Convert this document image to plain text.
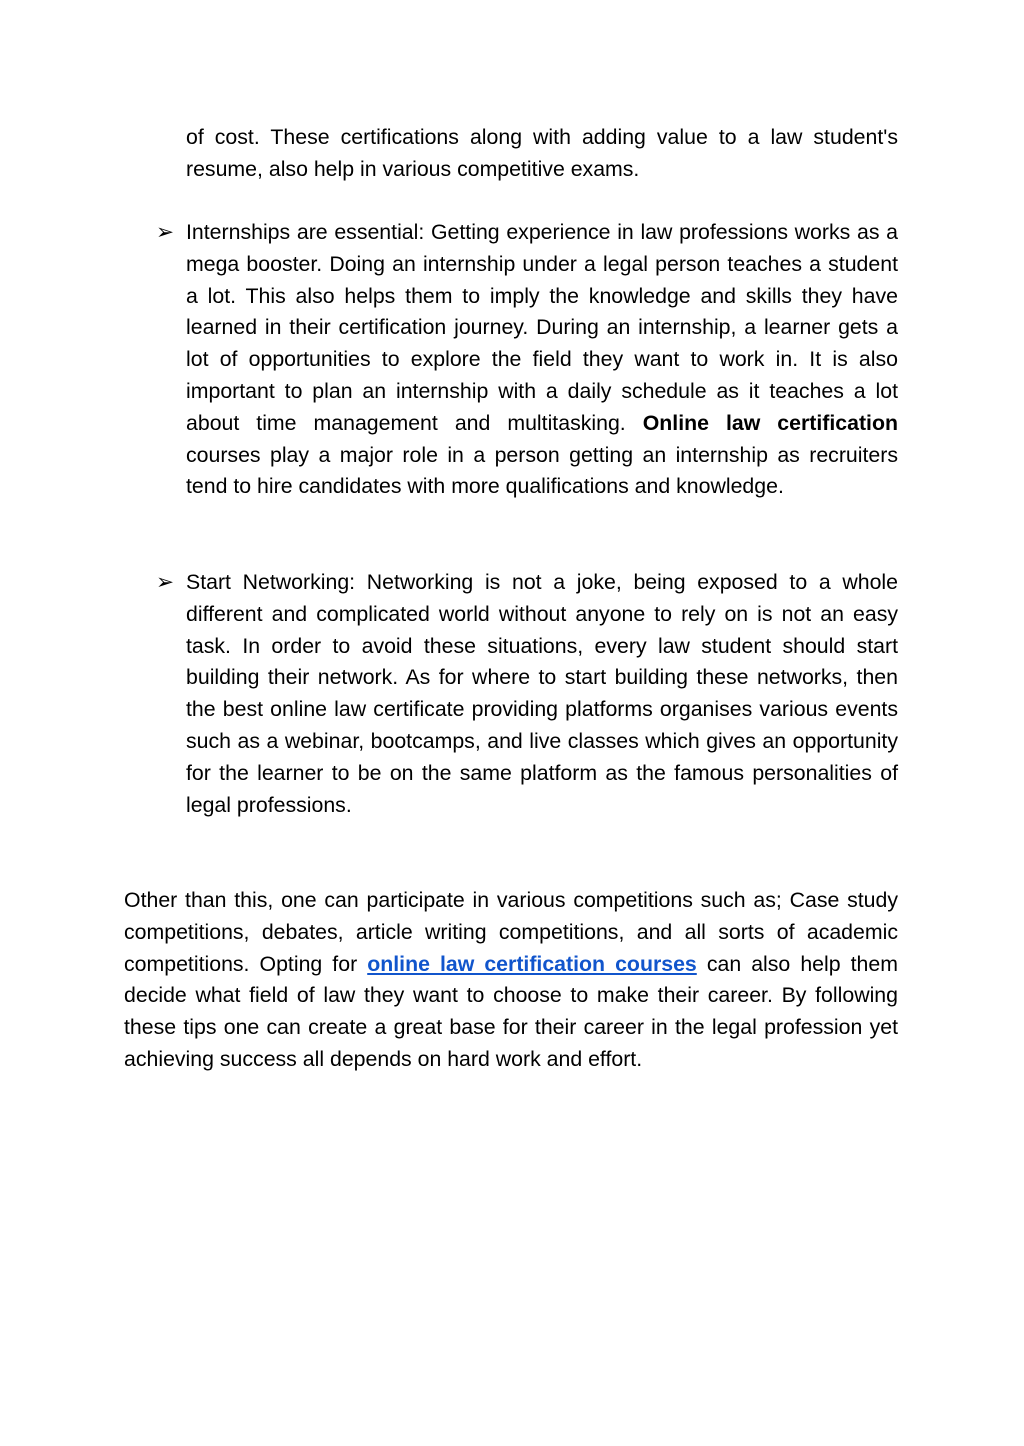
of cost. These certifications along with adding value to a law student's resume, also help in various competitive exams.

➢ Internships are essential: Getting experience in law professions works as a mega booster. Doing an internship under a legal person teaches a student a lot. This also helps them to imply the knowledge and skills they have learned in their certification journey. During an internship, a learner gets a lot of opportunities to explore the field they want to work in. It is also important to plan an internship with a daily schedule as it teaches a lot about time management and multitasking. Online law certification courses play a major role in a person getting an internship as recruiters tend to hire candidates with more qualifications and knowledge.
➢ Start Networking: Networking is not a joke, being exposed to a whole different and complicated world without anyone to rely on is not an easy task. In order to avoid these situations, every law student should start building their network. As for where to start building these networks, then the best online law certificate providing platforms organises various events such as a webinar, bootcamps, and live classes which gives an opportunity for the learner to be on the same platform as the famous personalities of legal professions.

Other than this, one can participate in various competitions such as; Case study competitions, debates, article writing competitions, and all sorts of academic competitions. Opting for online law certification courses can also help them decide what field of law they want to choose to make their career. By following these tips one can create a great base for their career in the legal profession yet achieving success all depends on hard work and effort.
